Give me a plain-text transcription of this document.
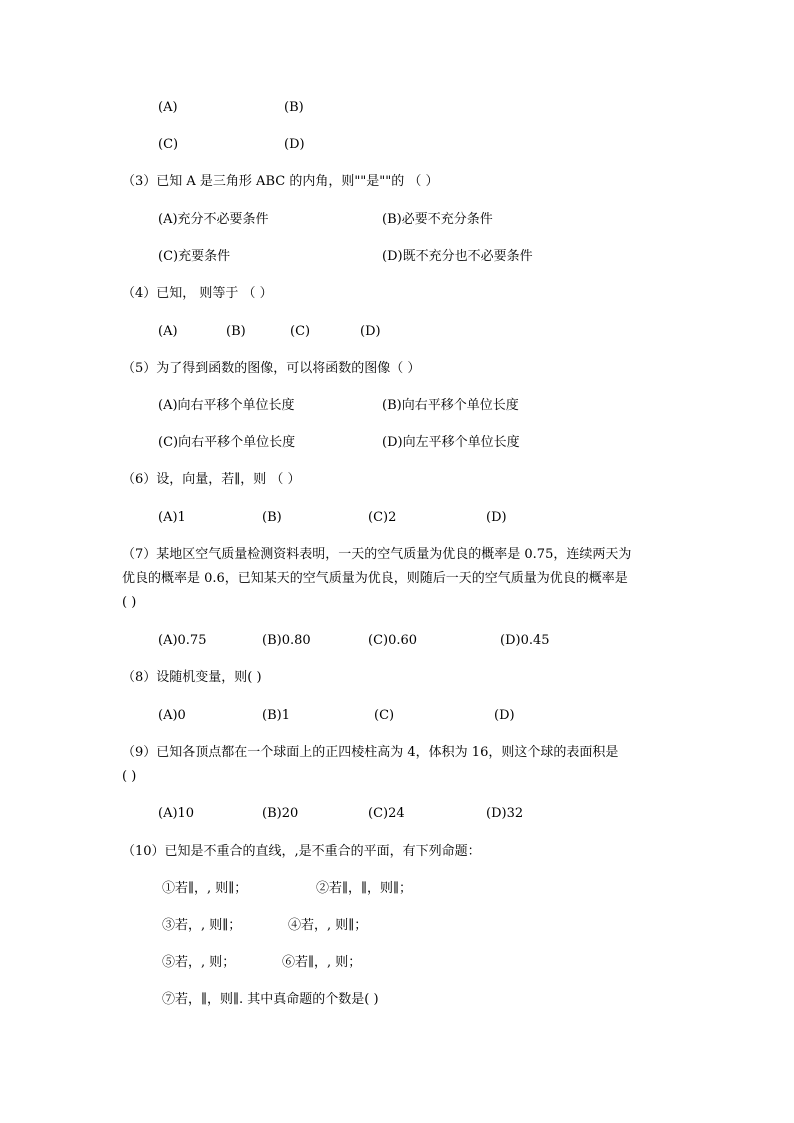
(A)	(B)
(C)	(D)
（3）已知 A 是三角形 ABC 的内角，则""是""的 （ ）
(A)充分不必要条件	(B)必要不充分条件
(C)充要条件	(D)既不充分也不必要条件
（4）已知， 则等于 （ ）
(A)	(B)	(C)	(D)
（5）为了得到函数的图像，可以将函数的图像（ ）
(A)向右平移个单位长度	(B)向右平移个单位长度
(C)向右平移个单位长度	(D)向左平移个单位长度
（6）设，向量，若∥，则 （ ）
(A)1	(B)	(C)2	(D)
（7）某地区空气质量检测资料表明，一天的空气质量为优良的概率是 0.75，连续两天为
优良的概率是 0.6，已知某天的空气质量为优良，则随后一天的空气质量为优良的概率是
( )
(A)0.75	(B)0.80	(C)0.60	(D)0.45
（8）设随机变量，则( )
(A)0	(B)1	(C)	(D)
（9）已知各顶点都在一个球面上的正四棱柱高为 4，体积为 16，则这个球的表面积是
( )
(A)10	(B)20	(C)24	(D)32
（10）已知是不重合的直线，,是不重合的平面，有下列命题：
①若∥，, 则∥；	②若∥，∥，则∥；
③若，, 则∥；	④若，, 则∥；
⑤若，, 则；	⑥若∥，, 则；
⑦若，∥，则∥. 其中真命题的个数是( )
